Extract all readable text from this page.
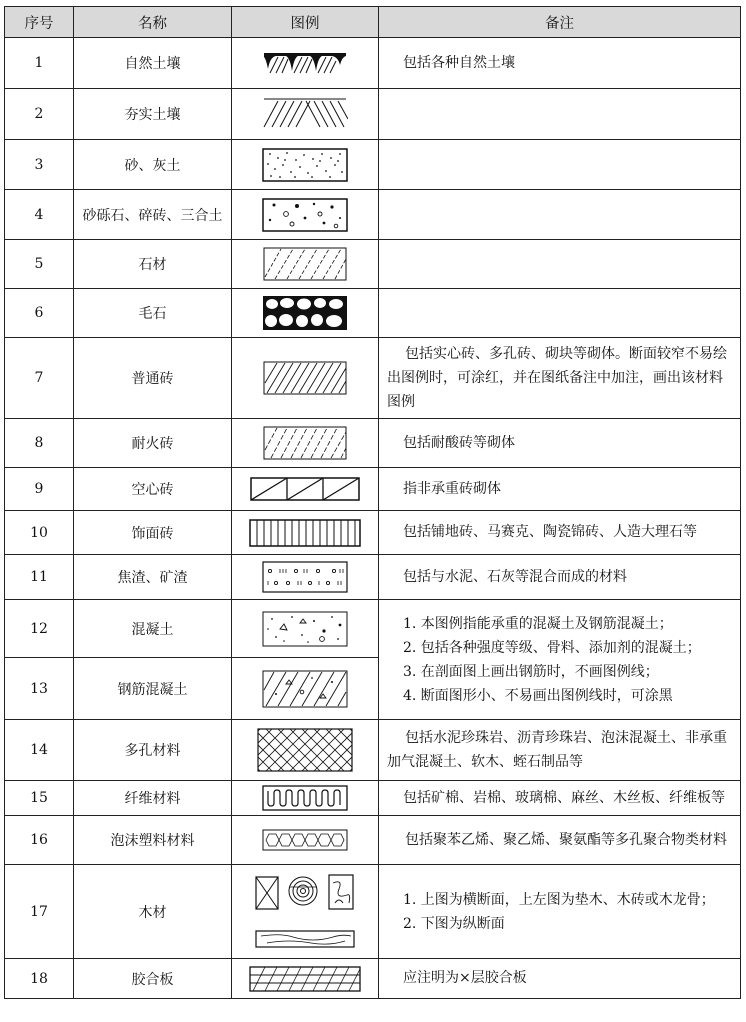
序号	名称	图例	备注
1	自然土壤		包括各种自然土壤

2	夯实土壤	

3	砂、灰土	

4	砂砾石、碎砖、三合土	

5	石材	

6	毛石	

7	普通砖		包括实心砖、多孔砖、砌块等砌体。断面较窄不易绘出图例时，可涂红，并在图纸备注中加注，画出该材料图例
8	耐火砖		包括耐酸砖等砌体

9	空心砖		指非承重砖砌体

10	饰面砖		包括铺地砖、马赛克、陶瓷锦砖、人造大理石等

11	焦渣、矿渣		包括与水泥、石灰等混合而成的材料

12	混凝土		1. 本图例指能承重的混凝土及钢筋混凝土；
2. 包括各种强度等级、骨料、添加剂的混凝土；
3. 在剖面图上画出钢筋时，不画图例线；
4. 断面图形小、不易画出图例线时，可涂黑

13	钢筋混凝土	

14	多孔材料		包括水泥珍珠岩、沥青珍珠岩、泡沫混凝土、非承重加气混凝土、软木、蛭石制品等
15	纤维材料		包括矿棉、岩棉、玻璃棉、麻丝、木丝板、纤维板等

16	泡沫塑料材料		包括聚苯乙烯、聚乙烯、聚氨酯等多孔聚合物类材料
17	木材		1. 上图为横断面，上左图为垫木、木砖或木龙骨；
2. 下图为纵断面

18	胶合板		应注明为×层胶合板
